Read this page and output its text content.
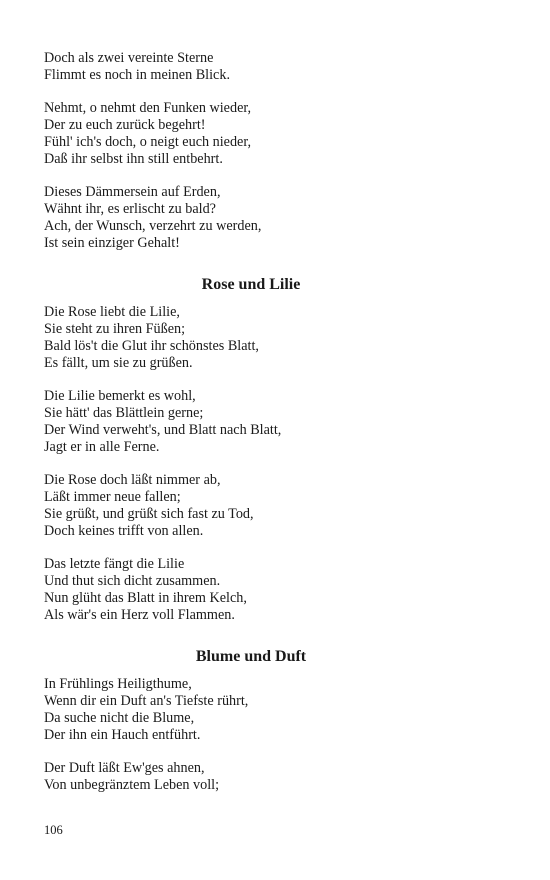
Doch als zwei vereinte Sterne
Flimmt es noch in meinen Blick.
Nehmt, o nehmt den Funken wieder,
Der zu euch zurück begehrt!
Fühl' ich's doch, o neigt euch nieder,
Daß ihr selbst ihn still entbehrt.
Dieses Dämmersein auf Erden,
Wähnt ihr, es erlischt zu bald?
Ach, der Wunsch, verzehrt zu werden,
Ist sein einziger Gehalt!
Rose und Lilie
Die Rose liebt die Lilie,
Sie steht zu ihren Füßen;
Bald lös't die Glut ihr schönstes Blatt,
Es fällt, um sie zu grüßen.
Die Lilie bemerkt es wohl,
Sie hätt' das Blättlein gerne;
Der Wind verweht's, und Blatt nach Blatt,
Jagt er in alle Ferne.
Die Rose doch läßt nimmer ab,
Läßt immer neue fallen;
Sie grüßt, und grüßt sich fast zu Tod,
Doch keines trifft von allen.
Das letzte fängt die Lilie
Und thut sich dicht zusammen.
Nun glüht das Blatt in ihrem Kelch,
Als wär's ein Herz voll Flammen.
Blume und Duft
In Frühlings Heiligthume,
Wenn dir ein Duft an's Tiefste rührt,
Da suche nicht die Blume,
Der ihn ein Hauch entführt.
Der Duft läßt Ew'ges ahnen,
Von unbegränztem Leben voll;
106
